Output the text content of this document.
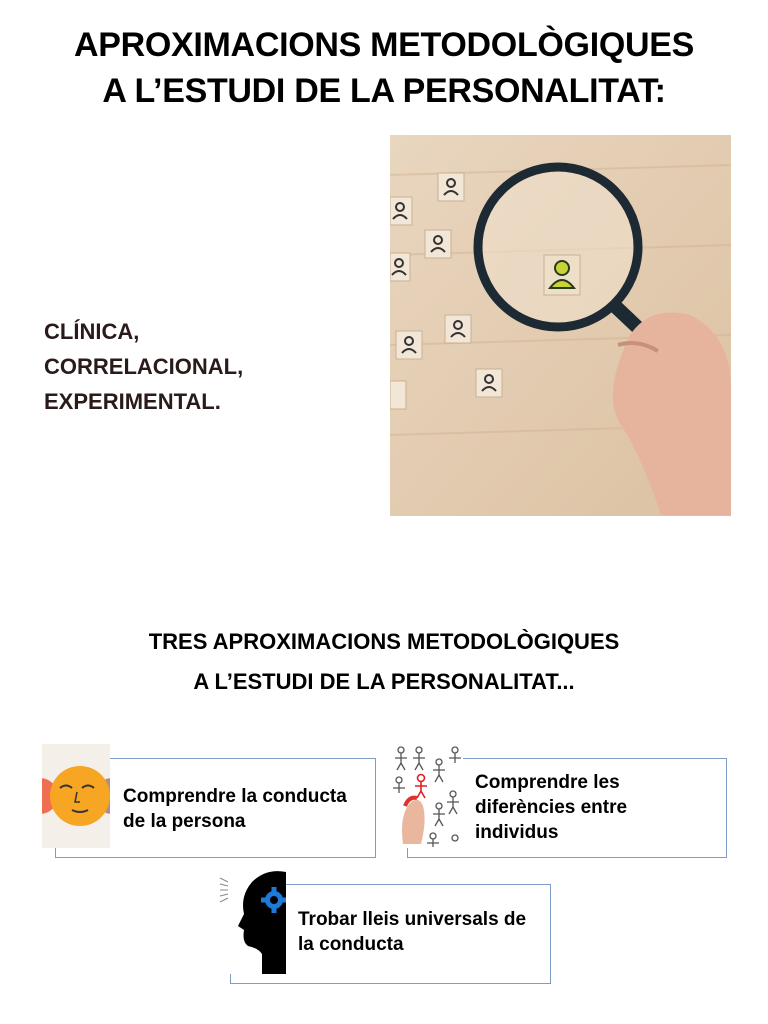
APROXIMACIONS METODOLÒGIQUES
A L’ESTUDI DE LA PERSONALITAT:
CLÍNICA,
CORRELACIONAL,
EXPERIMENTAL.
TRES APROXIMACIONS METODOLÒGIQUES
A L’ESTUDI DE LA PERSONALITAT...
Comprendre la conducta
de la persona
Comprendre les
diferències entre
individus
Trobar lleis universals de
la conducta
